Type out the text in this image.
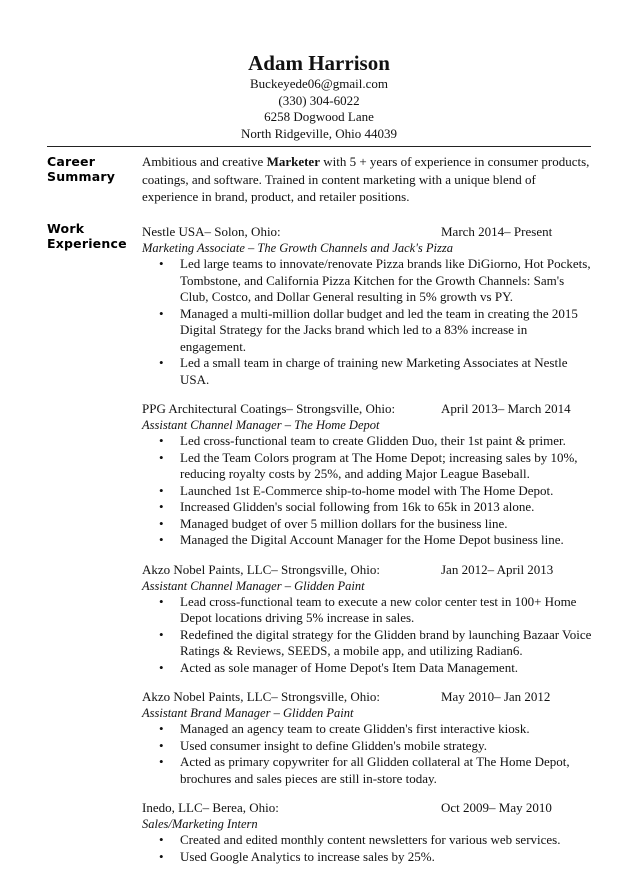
Adam Harrison
Buckeyede06@gmail.com
(330) 304-6022
6258 Dogwood Lane
North Ridgeville, Ohio 44039
Career
Summary
Ambitious and creative Marketer with 5 + years of experience in consumer products, coatings, and software. Trained in content marketing with a unique blend of experience in brand, product, and retailer positions.
Work
Experience
Nestle USA– Solon, Ohio:	March 2014– Present
Marketing Associate – The Growth Channels and Jack's Pizza
• Led large teams to innovate/renovate Pizza brands like DiGiorno, Hot Pockets, Tombstone, and California Pizza Kitchen for the Growth Channels: Sam's Club, Costco, and Dollar General resulting in 5% growth vs PY.
• Managed a multi-million dollar budget and led the team in creating the 2015 Digital Strategy for the Jacks brand which led to a 83% increase in engagement.
• Led a small team in charge of training new Marketing Associates at Nestle USA.
PPG Architectural Coatings– Strongsville, Ohio:	April 2013– March 2014
Assistant Channel Manager – The Home Depot
• Led cross-functional team to create Glidden Duo, their 1st paint & primer.
• Led the Team Colors program at The Home Depot; increasing sales by 10%, reducing royalty costs by 25%, and adding Major League Baseball.
• Launched 1st E-Commerce ship-to-home model with The Home Depot.
• Increased Glidden's social following from 16k to 65k in 2013 alone.
• Managed budget of over 5 million dollars for the business line.
• Managed the Digital Account Manager for the Home Depot business line.
Akzo Nobel Paints, LLC– Strongsville, Ohio:	Jan 2012– April 2013
Assistant Channel Manager – Glidden Paint
• Lead cross-functional team to execute a new color center test in 100+ Home Depot locations driving 5% increase in sales.
• Redefined the digital strategy for the Glidden brand by launching Bazaar Voice Ratings & Reviews, SEEDS, a mobile app, and utilizing Radian6.
• Acted as sole manager of Home Depot's Item Data Management.
Akzo Nobel Paints, LLC– Strongsville, Ohio:	May 2010– Jan 2012
Assistant Brand Manager – Glidden Paint
• Managed an agency team to create Glidden's first interactive kiosk.
• Used consumer insight to define Glidden's mobile strategy.
• Acted as primary copywriter for all Glidden collateral at The Home Depot, brochures and sales pieces are still in-store today.
Inedo, LLC– Berea, Ohio:	Oct 2009– May 2010
Sales/Marketing Intern
• Created and edited monthly content newsletters for various web services.
• Used Google Analytics to increase sales by 25%.
